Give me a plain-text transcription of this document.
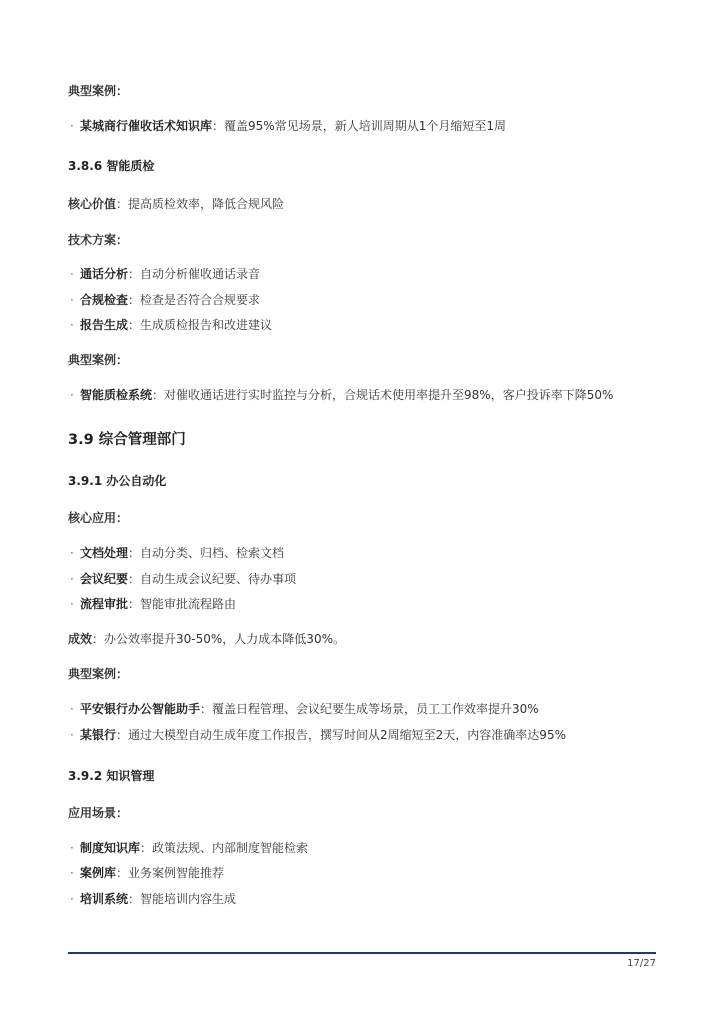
典型案例：
· 某城商行催收话术知识库：覆盖95%常见场景，新人培训周期从1个月缩短至1周
3.8.6 智能质检
核心价值：提高质检效率，降低合规风险
技术方案：
· 通话分析：自动分析催收通话录音
· 合规检查：检查是否符合合规要求
· 报告生成：生成质检报告和改进建议
典型案例：
· 智能质检系统：对催收通话进行实时监控与分析，合规话术使用率提升至98%，客户投诉率下降50%
3.9 综合管理部门
3.9.1 办公自动化
核心应用：
· 文档处理：自动分类、归档、检索文档
· 会议纪要：自动生成会议纪要、待办事项
· 流程审批：智能审批流程路由
成效：办公效率提升30-50%，人力成本降低30%。
典型案例：
· 平安银行办公智能助手：覆盖日程管理、会议纪要生成等场景，员工工作效率提升30%
· 某银行：通过大模型自动生成年度工作报告，撰写时间从2周缩短至2天，内容准确率达95%
3.9.2 知识管理
应用场景：
· 制度知识库：政策法规、内部制度智能检索
· 案例库：业务案例智能推荐
· 培训系统：智能培训内容生成
17/27
